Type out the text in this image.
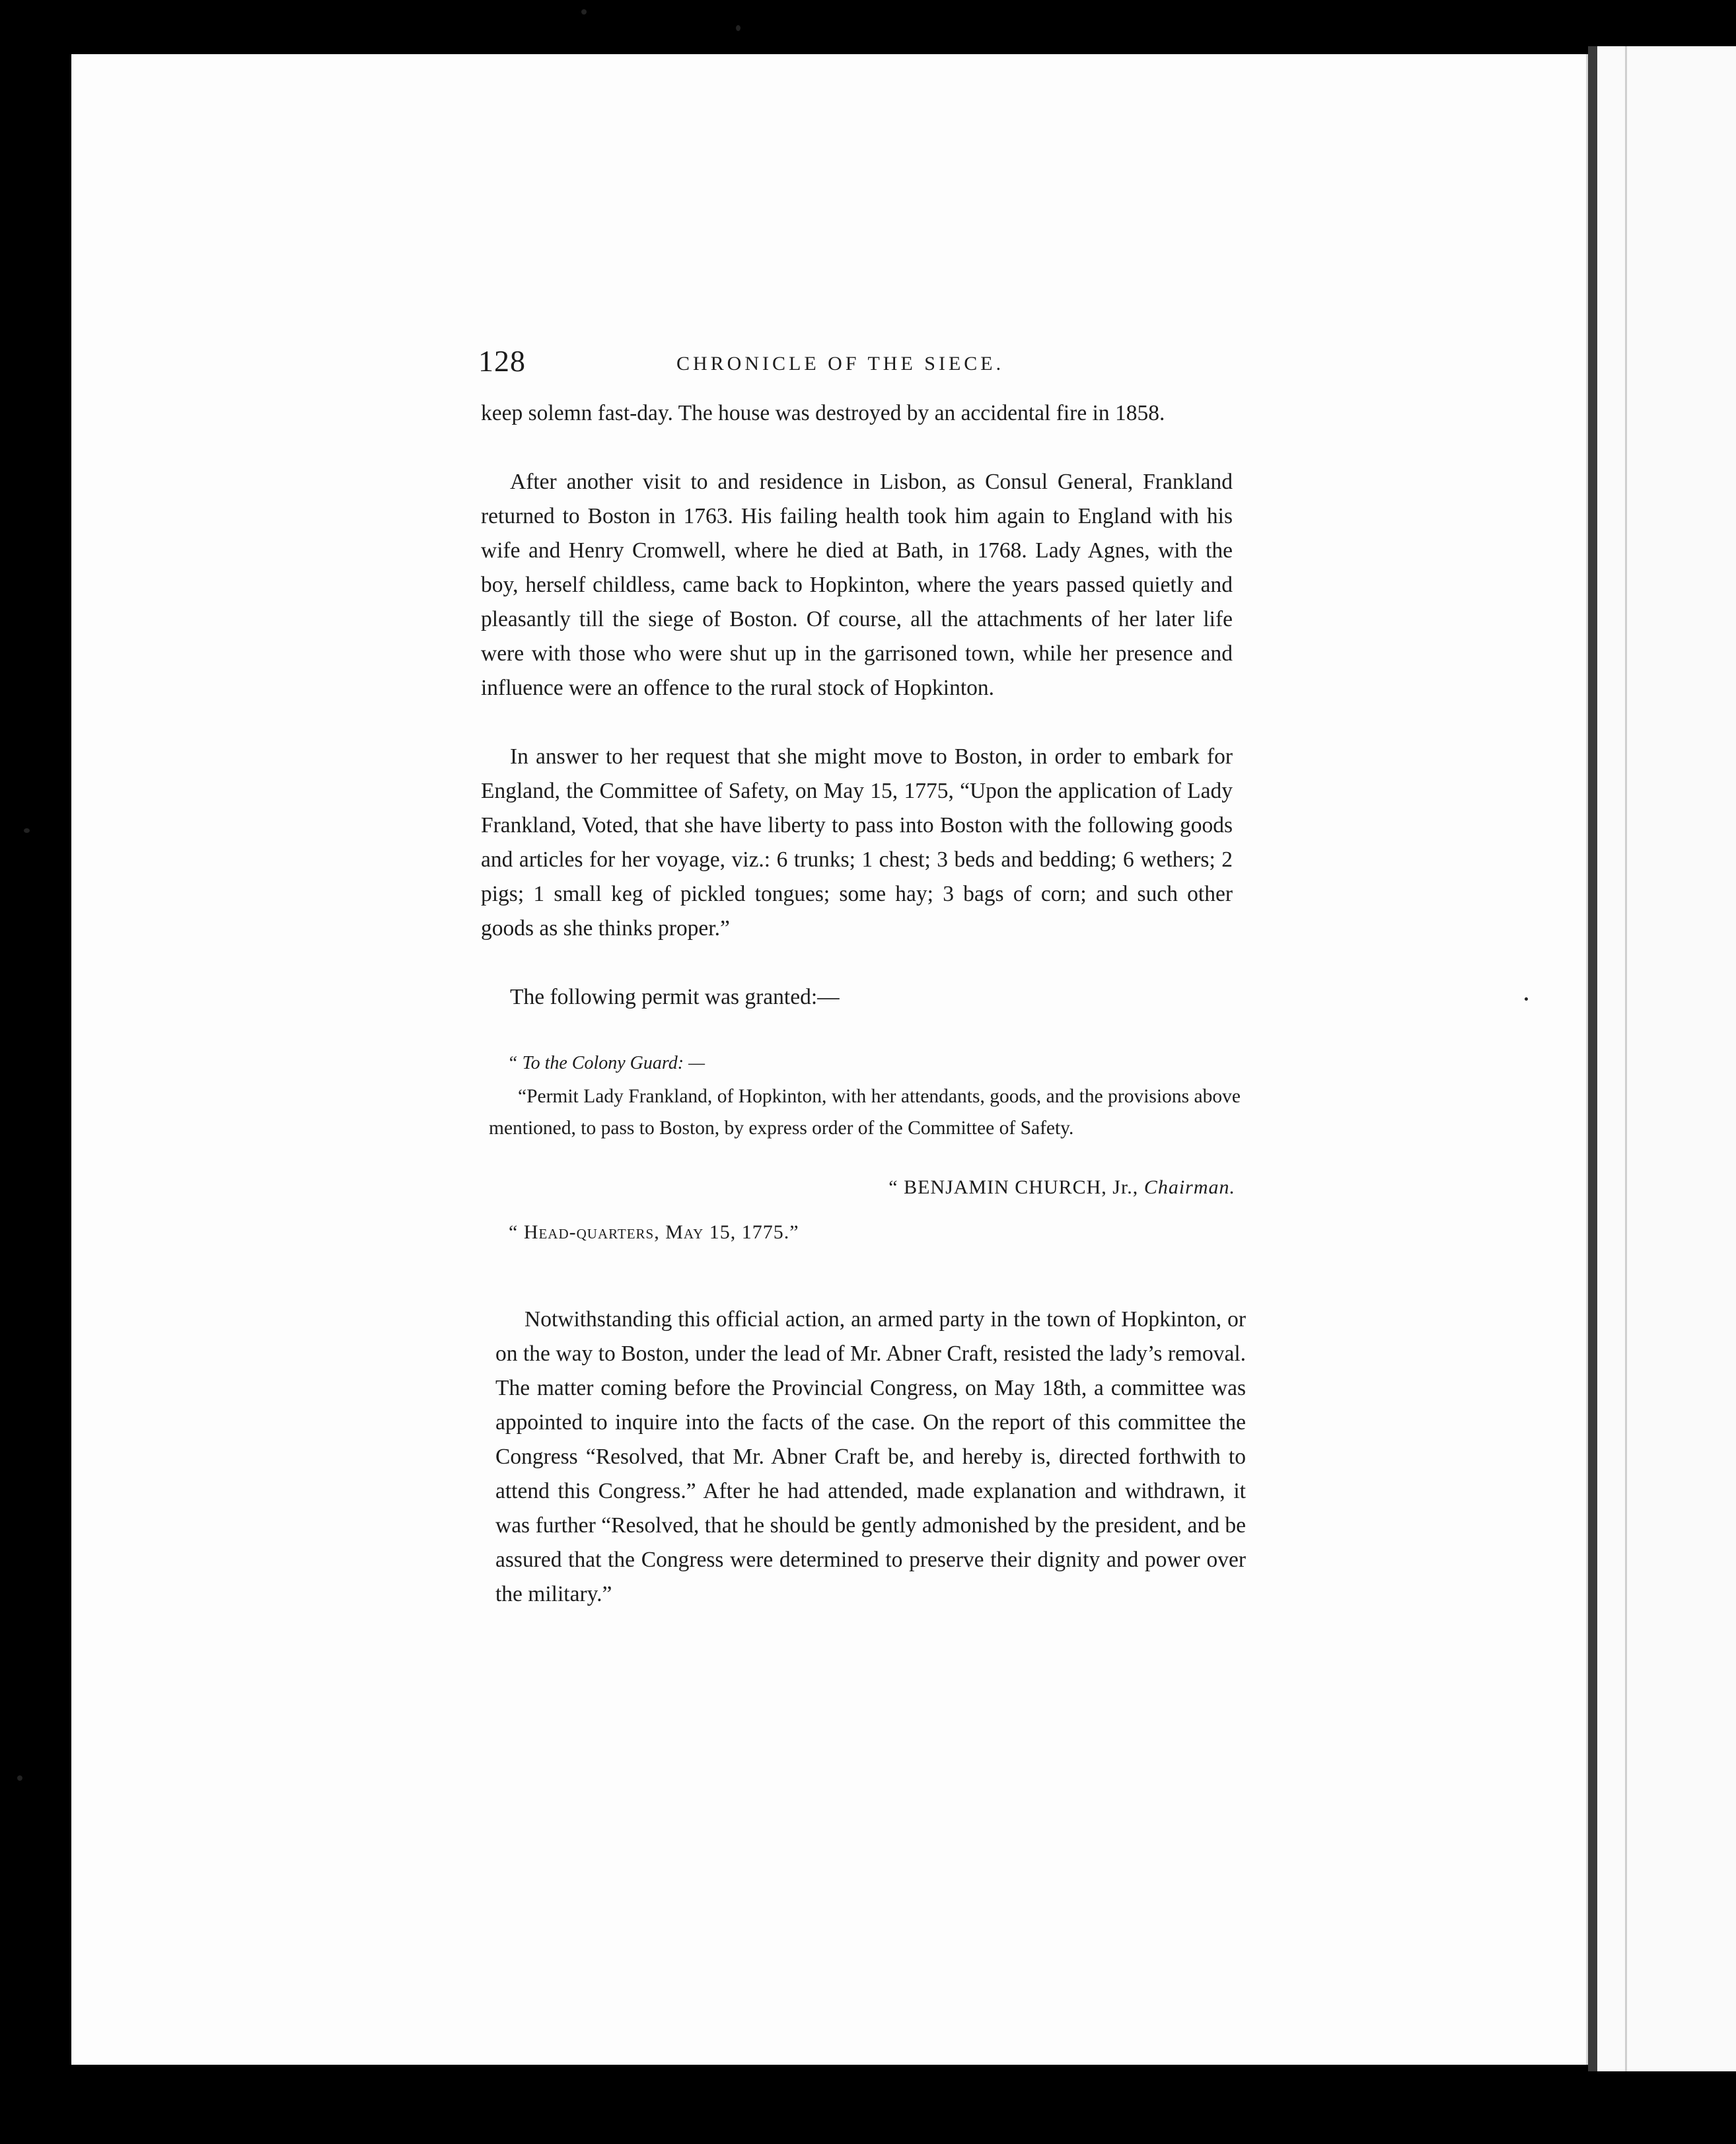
128	CHRONICLE OF THE SIECE.

keep solemn fast-day. The house was destroyed by an accidental fire in 1858.

After another visit to and residence in Lisbon, as Consul General, Frankland returned to Boston in 1763. His failing health took him again to England with his wife and Henry Cromwell, where he died at Bath, in 1768. Lady Agnes, with the boy, herself childless, came back to Hopkinton, where the years passed quietly and pleasantly till the siege of Boston. Of course, all the attachments of her later life were with those who were shut up in the garrisoned town, while her presence and influence were an offence to the rural stock of Hopkinton.

In answer to her request that she might move to Boston, in order to embark for England, the Committee of Safety, on May 15, 1775, “Upon the application of Lady Frankland, Voted, that she have liberty to pass into Boston with the following goods and articles for her voyage, viz.: 6 trunks; 1 chest; 3 beds and bedding; 6 wethers; 2 pigs; 1 small keg of pickled tongues; some hay; 3 bags of corn; and such other goods as she thinks proper.”

The following permit was granted:—

“ To the Colony Guard: —

“Permit Lady Frankland, of Hopkinton, with her attendants, goods, and the provisions above mentioned, to pass to Boston, by express order of the Committee of Safety.

“ BENJAMIN CHURCH, Jr., Chairman.
“ Head-quarters, May 15, 1775.”

Notwithstanding this official action, an armed party in the town of Hopkinton, or on the way to Boston, under the lead of Mr. Abner Craft, resisted the lady’s removal. The matter coming before the Provincial Congress, on May 18th, a committee was appointed to inquire into the facts of the case. On the report of this committee the Congress “Resolved, that Mr. Abner Craft be, and hereby is, directed forthwith to attend this Congress.” After he had attended, made explanation and withdrawn, it was further “Resolved, that he should be gently admonished by the president, and be assured that the Congress were determined to preserve their dignity and power over the military.”
